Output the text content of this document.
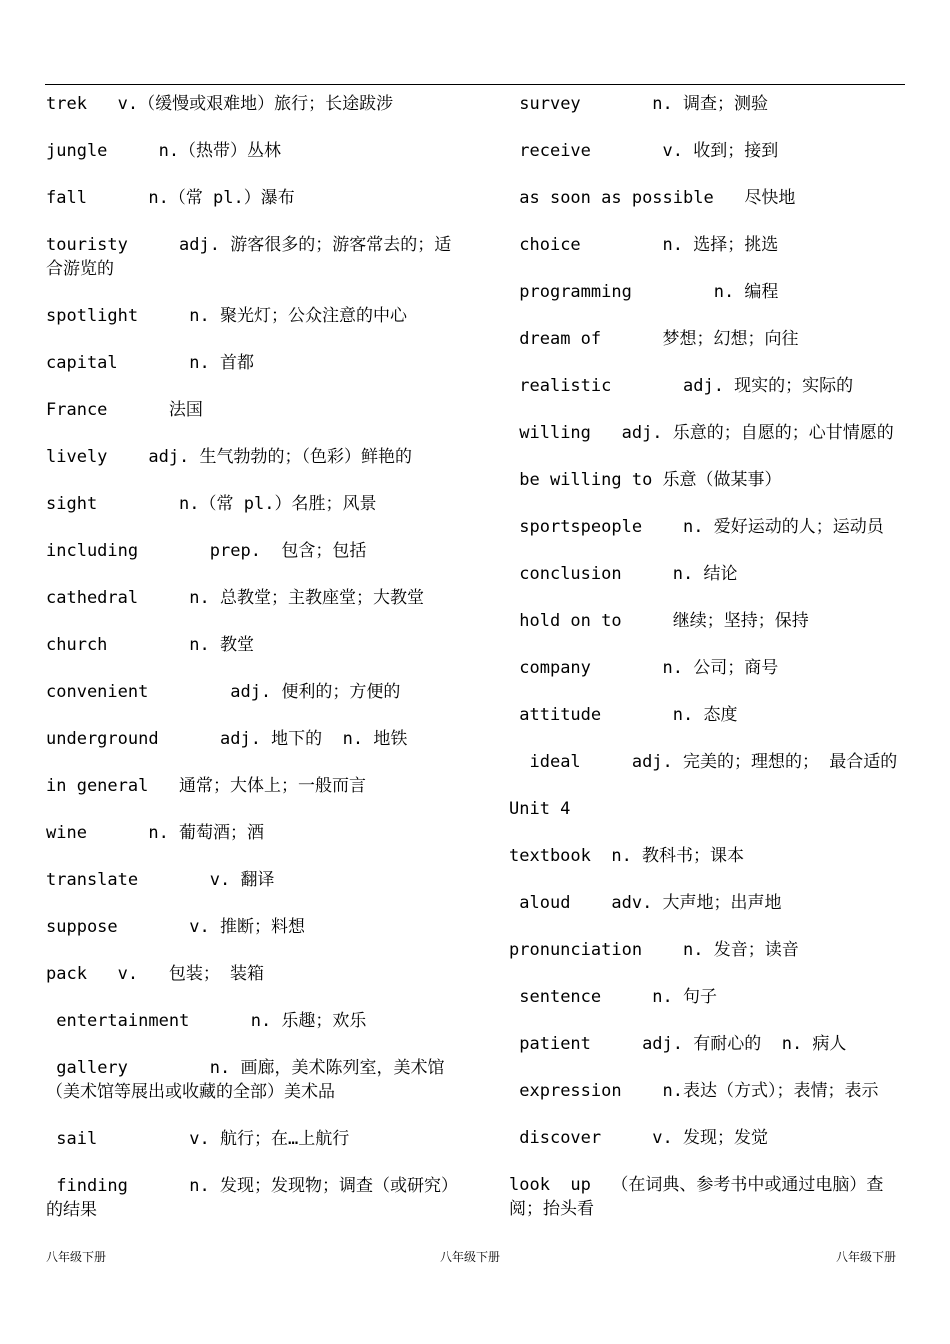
trek   v.（缓慢或艰难地）旅行；长途跋涉

jungle     n.（热带）丛林

fall      n.（常 pl.）瀑布

touristy     adj. 游客很多的；游客常去的；适合游览的

spotlight     n. 聚光灯；公众注意的中心

capital       n. 首都

France      法国

lively    adj. 生气勃勃的；（色彩）鲜艳的

sight        n.（常 pl.）名胜；风景

including       prep.  包含；包括

cathedral     n. 总教堂；主教座堂；大教堂

church        n. 教堂

convenient        adj. 便利的；方便的

underground      adj. 地下的  n. 地铁

in general   通常；大体上；一般而言

wine      n. 葡萄酒；酒

translate       v. 翻译

suppose       v. 推断；料想

pack   v.   包装； 装箱

entertainment      n. 乐趣；欢乐

gallery        n. 画廊，美术陈列室，美术馆（美术馆等展出或收藏的全部）美术品

sail         v. 航行；在…上航行

finding      n. 发现；发现物；调查（或研究）的结果

survey       n. 调查；测验

receive       v. 收到；接到

as soon as possible   尽快地

choice        n. 选择；挑选

programming        n. 编程

dream of      梦想；幻想；向往

realistic       adj. 现实的；实际的

willing   adj. 乐意的；自愿的；心甘情愿的

be willing to 乐意（做某事）

sportspeople    n. 爱好运动的人；运动员

conclusion     n. 结论

hold on to     继续；坚持；保持

company       n. 公司；商号

attitude       n. 态度

ideal     adj. 完美的；理想的； 最合适的

Unit 4

textbook  n. 教科书；课本

aloud    adv. 大声地；出声地

pronunciation    n. 发音；读音

sentence     n. 句子

patient     adj. 有耐心的  n. 病人

expression    n.表达（方式）；表情；表示

discover     v. 发现；发觉

look  up  （在词典、参考书中或通过电脑）查阅；抬头看

八年级下册	八年级下册	八年级下册
